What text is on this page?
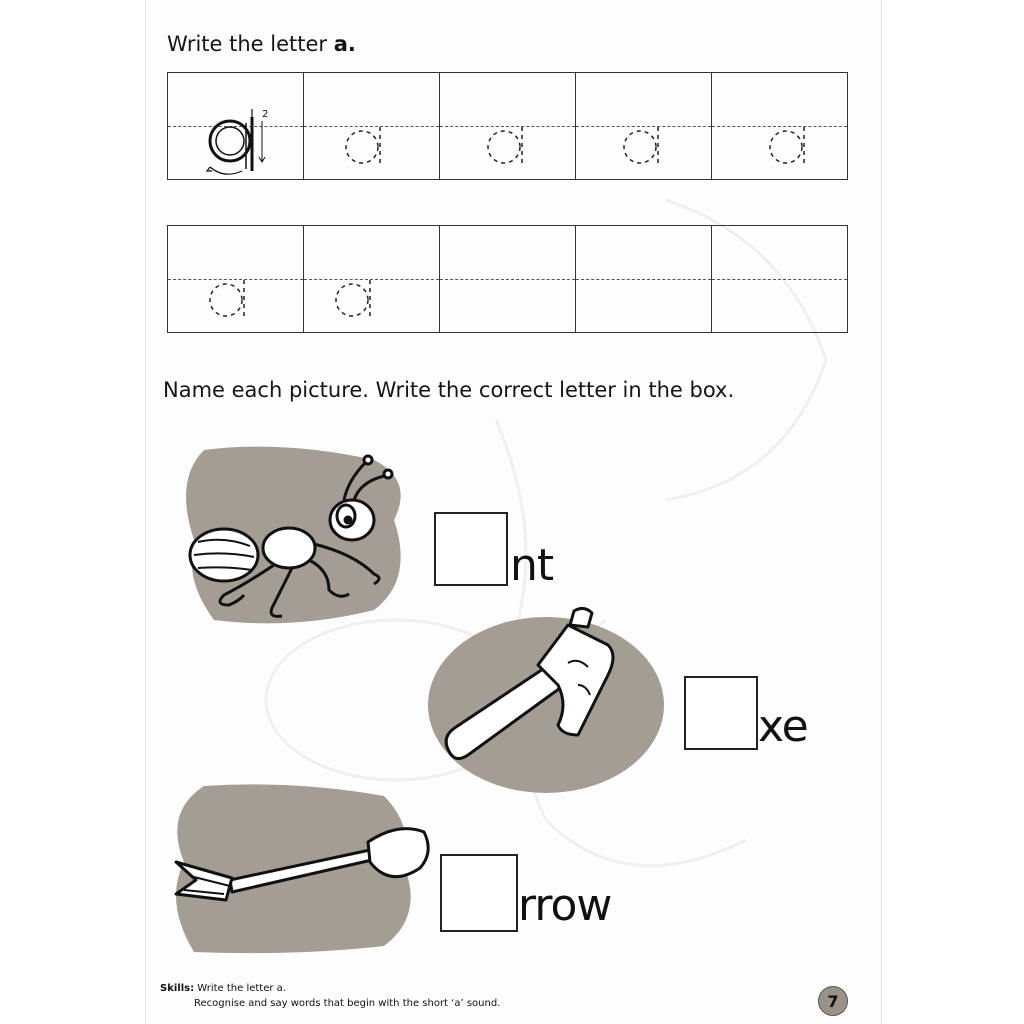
Write the letter a.
2
Name each picture. Write the correct letter in the box.
nt
xe
rrow
Skills: Write the letter a.
Recognise and say words that begin with the short ‘a’ sound.	7
